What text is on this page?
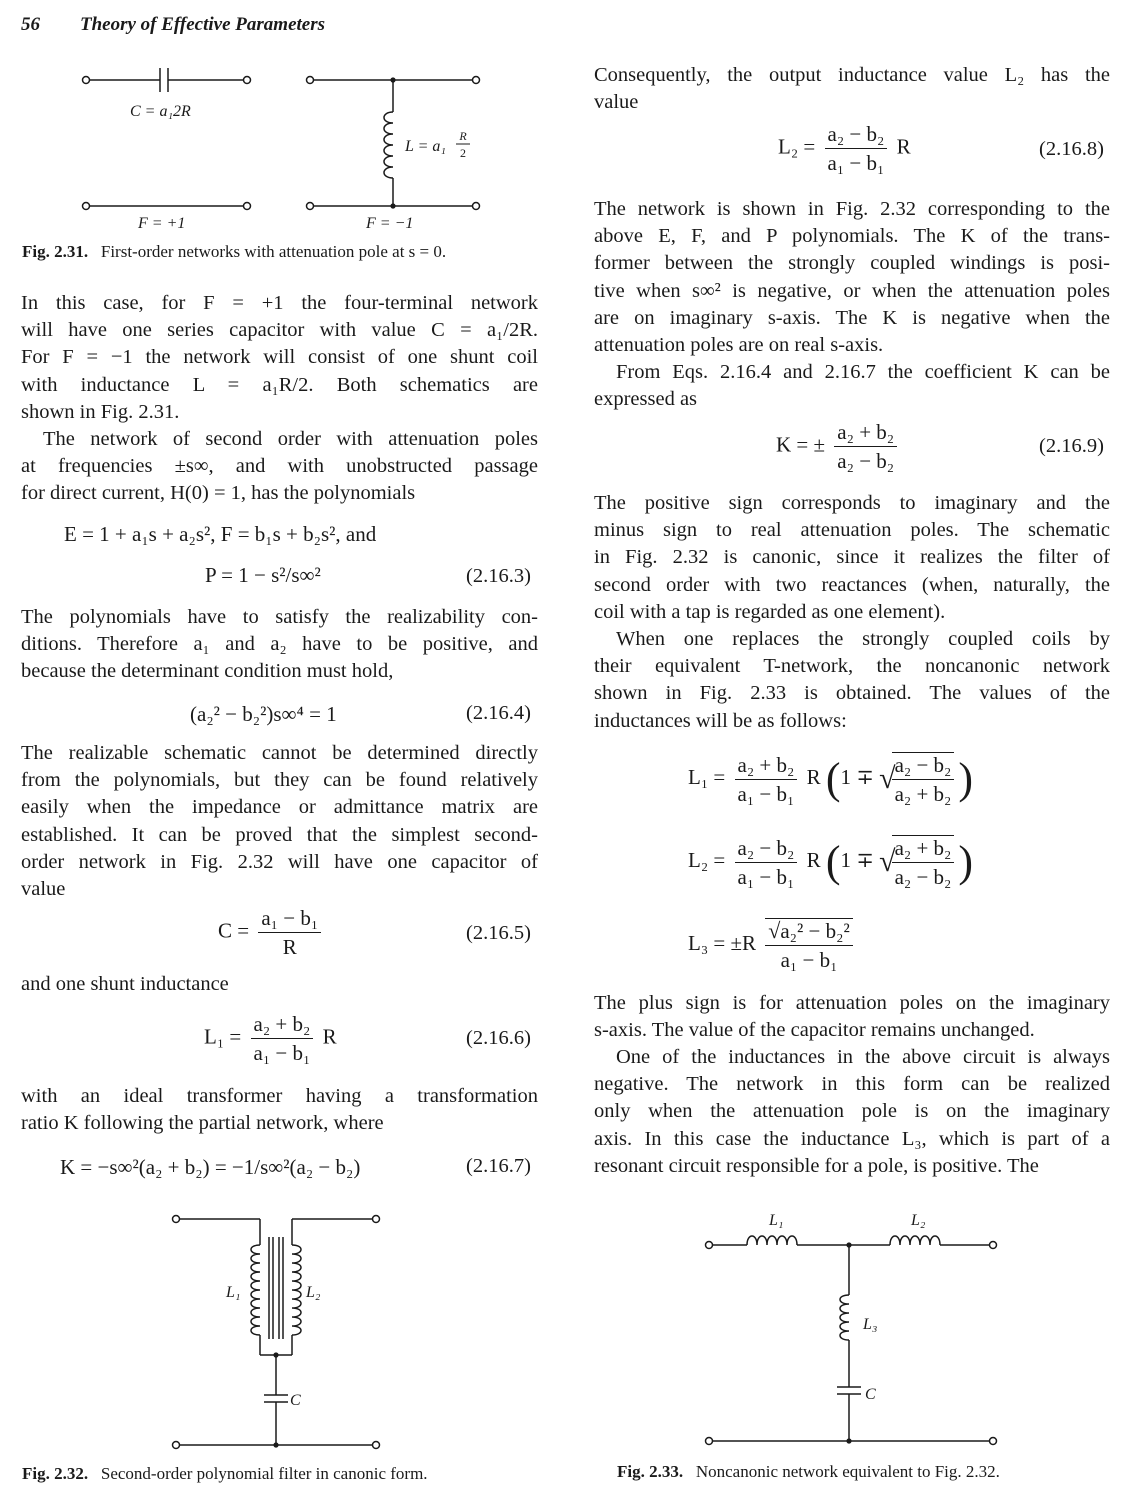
56 Theory of Effective Parameters
C = a₁2R
L = a₁
R
2
F = +1	F = −1
Fig. 2.31. First-order networks with attenuation pole at s = 0.
In this case, for F = +1 the four-terminal network
will have one series capacitor with value C = a₁/2R.
For F = −1 the network will consist of one shunt coil
with inductance L = a₁R/2. Both schematics are
shown in Fig. 2.31.
The network of second order with attenuation poles
at frequencies ±s∞, and with unobstructed passage
for direct current, H(0) = 1, has the polynomials
E = 1 + a₁s + a₂s², F = b₁s + b₂s², and
P = 1 − s²/s∞²	(2.16.3)
The polynomials have to satisfy the realizability con-
ditions. Therefore a₁ and a₂ have to be positive, and
because the determinant condition must hold,
(a₂² − b₂²)s∞⁴ = 1	(2.16.4)
The realizable schematic cannot be determined directly
from the polynomials, but they can be found relatively
easily when the impedance or admittance matrix are
established. It can be proved that the simplest second-
order network in Fig. 2.32 will have one capacitor of
value
$C = \frac{\text{a₁ − b₁}}{R}$	(2.16.5)
and one shunt inductance
$L_1 = \frac{\text{a₂ + b₂}}{\text{a₁ − b₁}}$ R	(2.16.6)
with an ideal transformer having a transformation
ratio K following the partial network, where
K = −s∞²(a₂ + b₂) = −1/s∞²(a₂ − b₂)	(2.16.7)
L₁	L₂
C
Fig. 2.32. Second-order polynomial filter in canonic form.
Consequently, the output inductance value L₂ has the
value
$L_2 = \frac{\text{a₂ − b₂}}{\text{a₁ − b₁}}$ R	(2.16.8)
The network is shown in Fig. 2.32 corresponding to the
above E, F, and P polynomials. The K of the trans-
former between the strongly coupled windings is posi-
tive when s∞² is negative, or when the attenuation poles
are on imaginary s-axis. The K is negative when the
attenuation poles are on real s-axis.
From Eqs. 2.16.4 and 2.16.7 the coefficient K can be
expressed as
K = ± $\frac{\text{a₂ + b₂}}{\text{a₂ − b₂}}$	(2.16.9)
The positive sign corresponds to imaginary and the
minus sign to real attenuation poles. The schematic
in Fig. 2.32 is canonic, since it realizes the filter of
second order with two reactances (when, naturally, the
coil with a tap is regarded as one element).
When one replaces the strongly coupled coils by
their equivalent T-network, the noncanonic network
shown in Fig. 2.33 is obtained. The values of the
inductances will be as follows:
$L_1 = \frac{\text{a₂ + b₂}}{\text{a₁ − b₁}}$ R (1 ∓ √
$\frac{\text{a₂ − b₂}}{\text{a₂ + b₂}}$ )
$L_2 = \frac{\text{a₂ − b₂}}{\text{a₁ − b₁}}$ R (1 ∓ √
$\frac{\text{a₂ + b₂}}{\text{a₂ − b₂}}$ )
$L_3 = \pm R \frac{\text{√a₂² − b₂²}}{\text{a₁ − b₁}}$
The plus sign is for attenuation poles on the imaginary
s-axis. The value of the capacitor remains unchanged.
One of the inductances in the above circuit is always
negative. The network in this form can be realized
only when the attenuation pole is on the imaginary
axis. In this case the inductance L₃, which is part of a
resonant circuit responsible for a pole, is positive. The
L₁	L₂
L₃
C
Fig. 2.33. Noncanonic network equivalent to Fig. 2.32.
